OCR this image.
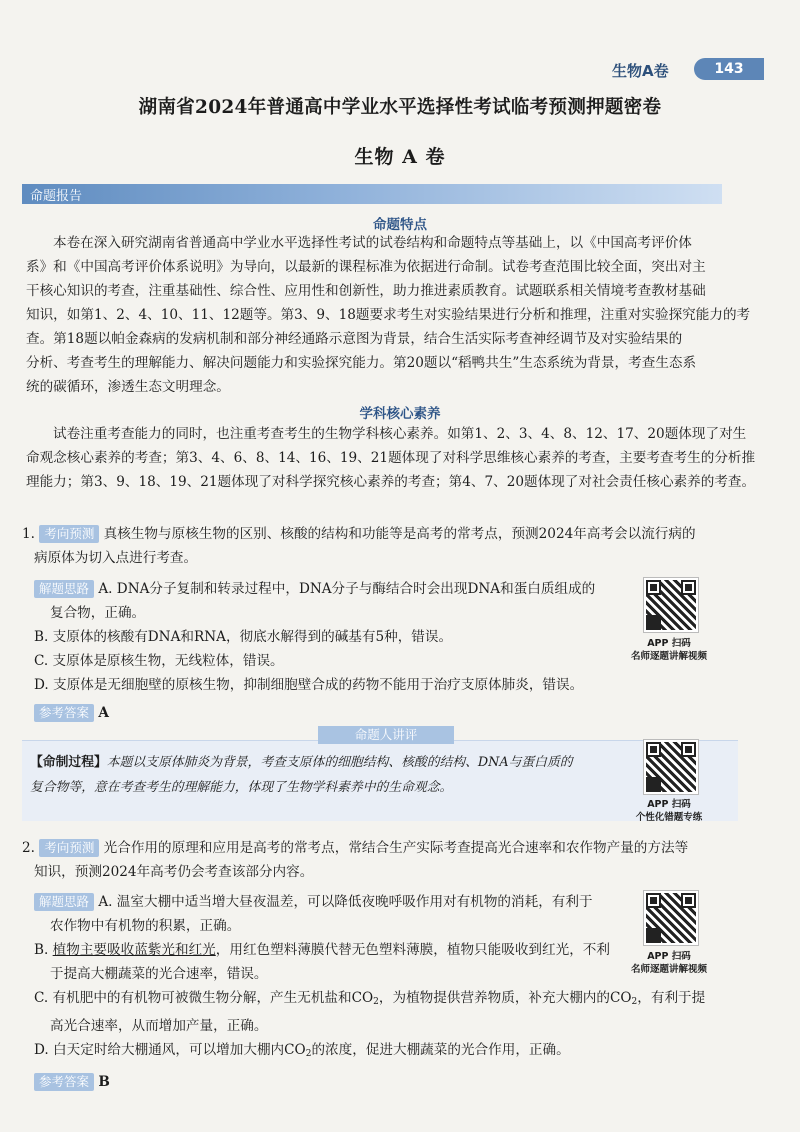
生物A卷	143
湖南省2024年普通高中学业水平选择性考试临考预测押题密卷
生物 A 卷
命题报告
命题特点
本卷在深入研究湖南省普通高中学业水平选择性考试的试卷结构和命题特点等基础上，以《中国高考评价体
系》和《中国高考评价体系说明》为导向，以最新的课程标准为依据进行命制。试卷考查范围比较全面，突出对主
干核心知识的考查，注重基础性、综合性、应用性和创新性，助力推进素质教育。试题联系相关情境考查教材基础
知识，如第1、2、4、10、11、12题等。第3、9、18题要求考生对实验结果进行分析和推理，注重对实验探究能力的考
查。第18题以帕金森病的发病机制和部分神经通路示意图为背景，结合生活实际考查神经调节及对实验结果的
分析、考查考生的理解能力、解决问题能力和实验探究能力。第20题以“稻鸭共生”生态系统为背景，考查生态系
统的碳循环，渗透生态文明理念。
学科核心素养
试卷注重考查能力的同时，也注重考查考生的生物学科核心素养。如第1、2、3、4、8、12、17、20题体现了对生
命观念核心素养的考查；第3、4、6、8、14、16、19、21题体现了对科学思维核心素养的考查，主要考查考生的分析推
理能力；第3、9、18、19、21题体现了对科学探究核心素养的考查；第4、7、20题体现了对社会责任核心素养的考查。
1. 考向预测 真核生物与原核生物的区别、核酸的结构和功能等是高考的常考点，预测2024年高考会以流行病的
病原体为切入点进行考查。
解题思路 A. DNA分子复制和转录过程中，DNA分子与酶结合时会出现DNA和蛋白质组成的
复合物，正确。
B. 支原体的核酸有DNA和RNA，彻底水解得到的碱基有5种，错误。
C. 支原体是原核生物，无线粒体，错误。
D. 支原体是无细胞壁的原核生物，抑制细胞壁合成的药物不能用于治疗支原体肺炎，错误。
参考答案 A
APP 扫码
名师逐题讲解视频
命题人讲评
【命制过程】本题以支原体肺炎为背景，考查支原体的细胞结构、核酸的结构、DNA与蛋白质的
复合物等，意在考查考生的理解能力，体现了生物学科素养中的生命观念。
APP 扫码
个性化错题专练
2. 考向预测 光合作用的原理和应用是高考的常考点，常结合生产实际考查提高光合速率和农作物产量的方法等
知识，预测2024年高考仍会考查该部分内容。
解题思路 A. 温室大棚中适当增大昼夜温差，可以降低夜晚呼吸作用对有机物的消耗，有利于
农作物中有机物的积累，正确。
B. 植物主要吸收蓝紫光和红光，用红色塑料薄膜代替无色塑料薄膜，植物只能吸收到红光，不利
于提高大棚蔬菜的光合速率，错误。
C. 有机肥中的有机物可被微生物分解，产生无机盐和$CO_2$，为植物提供营养物质，补充大棚内的$CO_2$，有利于提
高光合速率，从而增加产量，正确。
D. 白天定时给大棚通风，可以增加大棚内$CO_2$的浓度，促进大棚蔬菜的光合作用，正确。
参考答案 B
APP 扫码
名师逐题讲解视频
